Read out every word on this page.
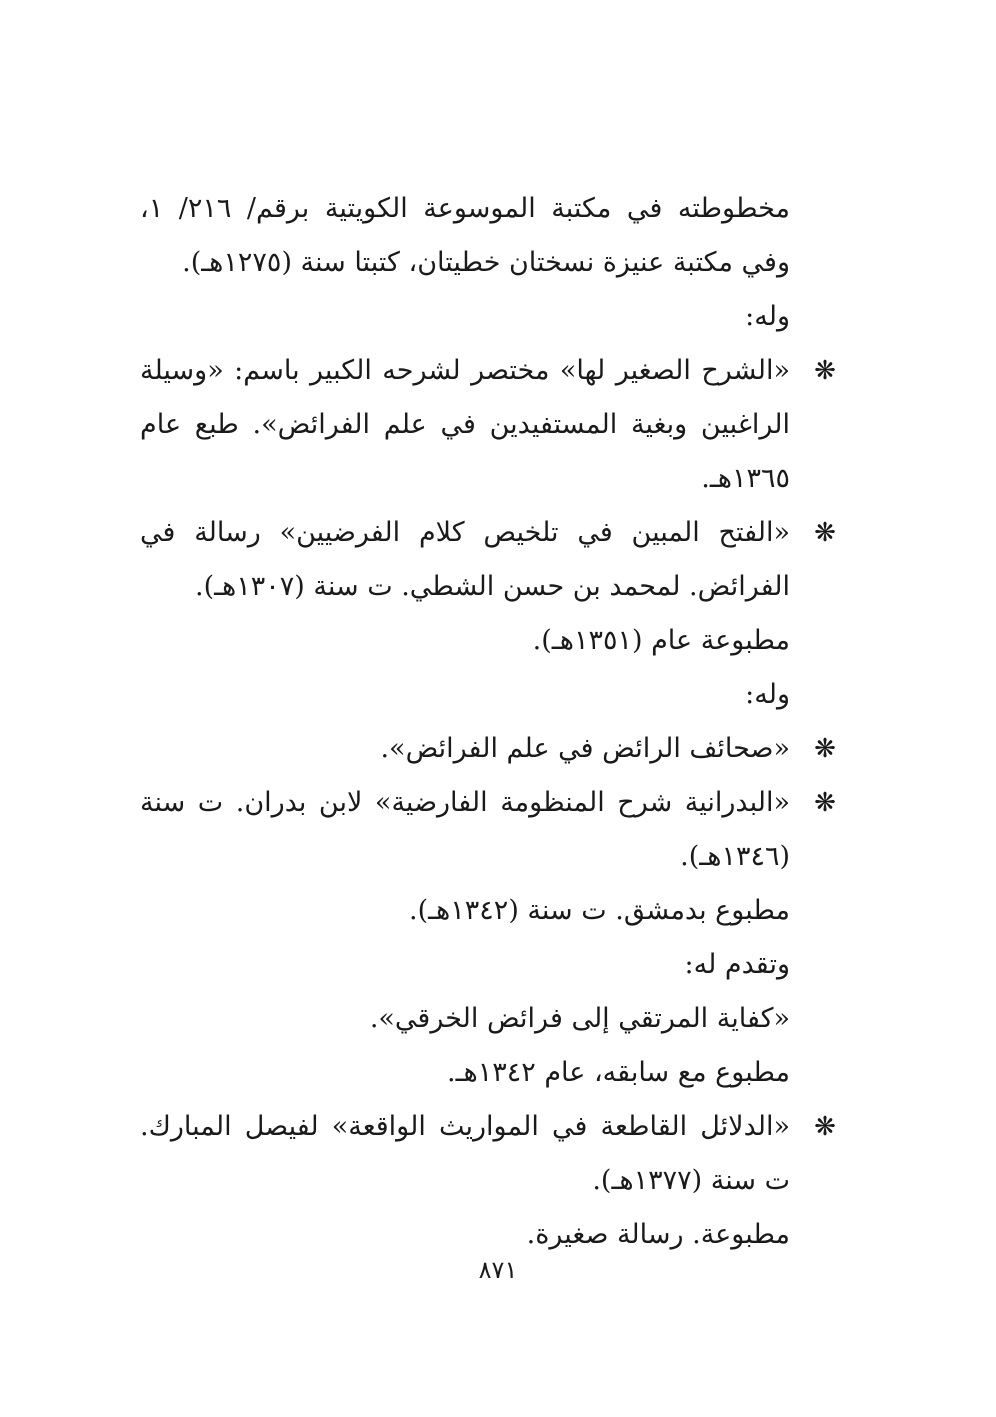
مخطوطته في مكتبة الموسوعة الكويتية برقم/ ٢١٦/ ١، وفي مكتبة عنيزة نسختان خطيتان، كتبتا سنة (١٢٧٥هـ).

وله:

❋
«الشرح الصغير لها» مختصر لشرحه الكبير باسم: «وسيلة الراغبين وبغية المستفيدين في علم الفرائض». طبع عام ١٣٦٥هـ.
❋
«الفتح المبين في تلخيص كلام الفرضيين» رسالة في الفرائض. لمحمد بن حسن الشطي. ت سنة (١٣٠٧هـ).

مطبوعة عام (١٣٥١هـ).

وله:

❋
«صحائف الرائض في علم الفرائض».
❋
«البدرانية شرح المنظومة الفارضية» لابن بدران. ت سنة (١٣٤٦هـ).

مطبوع بدمشق. ت سنة (١٣٤٢هـ).

وتقدم له:

«كفاية المرتقي إلى فرائض الخرقي».

مطبوع مع سابقه، عام ١٣٤٢هـ.

❋
«الدلائل القاطعة في المواريث الواقعة» لفيصل المبارك. ت سنة (١٣٧٧هـ).

مطبوعة. رسالة صغيرة.

٨٧١
